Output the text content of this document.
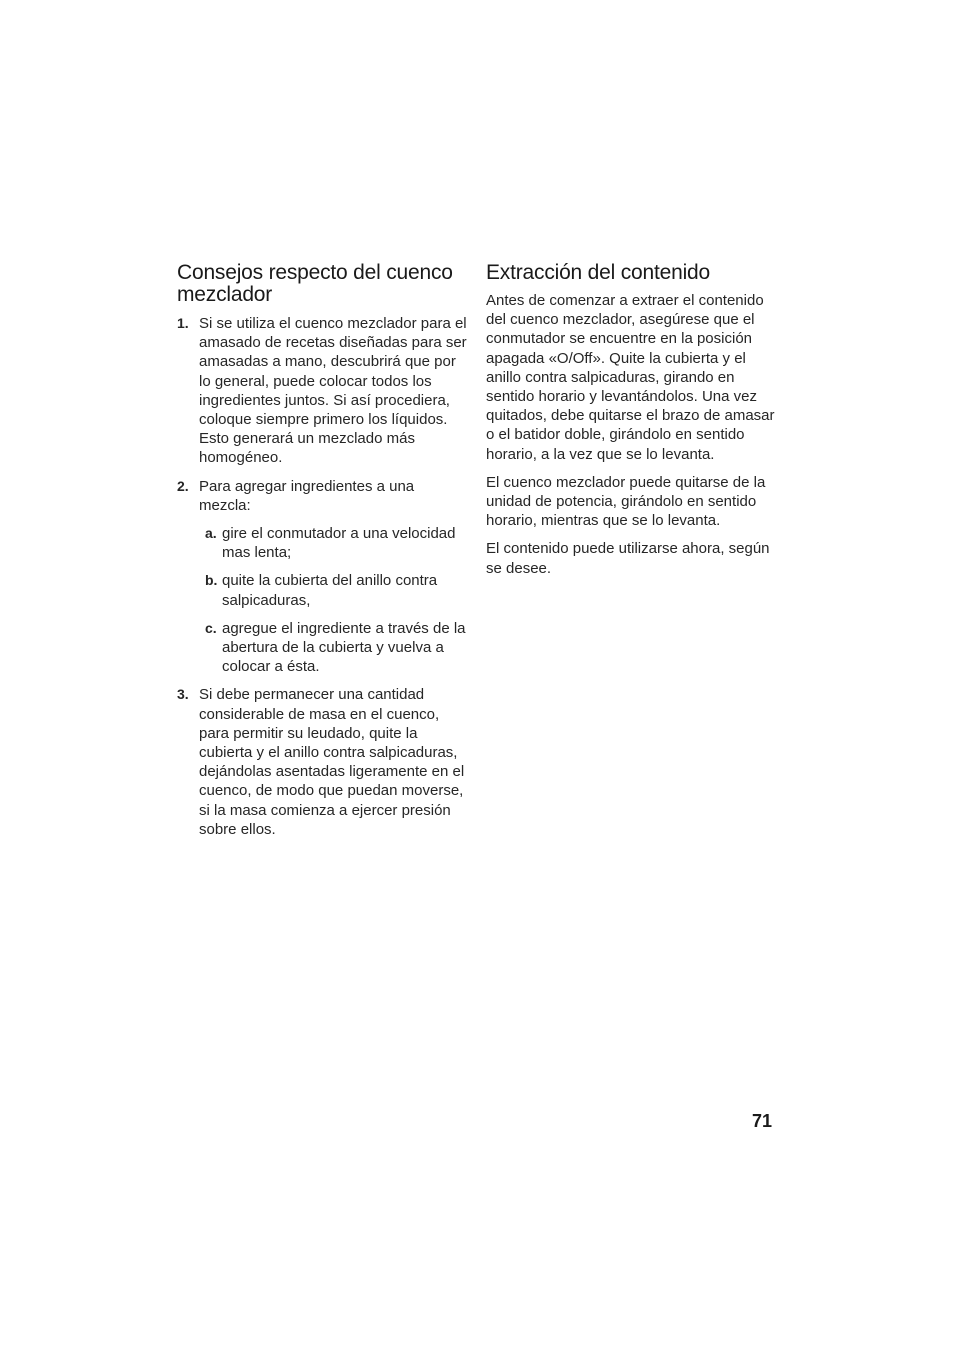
Consejos respecto del cuenco mezclador
1. Si se utiliza el cuenco mezclador para el amasado de recetas diseñadas para ser amasadas a mano, descubrirá que por lo general, puede colocar todos los ingredientes juntos. Si así procediera, coloque siempre primero los líquidos. Esto generará un mezclado más homogéneo.
2. Para agregar ingredientes a una mezcla:
a. gire el conmutador a una velocidad mas lenta;
b. quite la cubierta del anillo contra salpicaduras,
c. agregue el ingrediente a través de la abertura de la cubierta y vuelva a colocar a ésta.
3. Si debe permanecer una cantidad considerable de masa en el cuenco, para permitir su leudado, quite la cubierta y el anillo contra salpicaduras, dejándolas asentadas ligeramente en el cuenco, de modo que puedan moverse, si la masa comienza a ejercer presión sobre ellos.
Extracción del contenido

Antes de comenzar a extraer el contenido del cuenco mezclador, asegúrese que el conmutador se encuentre en la posición apagada «O/Off». Quite la cubierta y el anillo contra salpicaduras, girando en sentido horario y levantándolos. Una vez quitados, debe quitarse el brazo de amasar o el batidor doble, girándolo en sentido horario, a la vez que se lo levanta.

El cuenco mezclador puede quitarse de la unidad de potencia, girándolo en sentido horario, mientras que se lo levanta.

El contenido puede utilizarse ahora, según se desee.

71
